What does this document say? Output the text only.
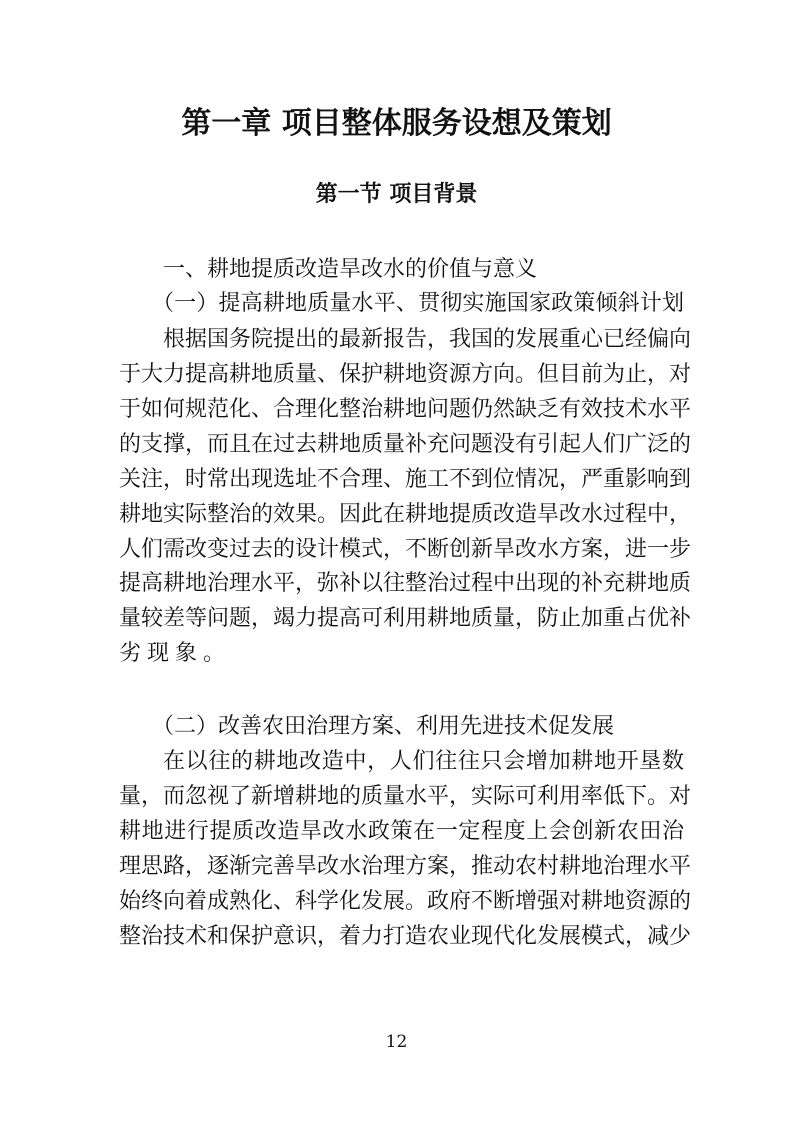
第一章 项目整体服务设想及策划
第一节 项目背景
一、耕地提质改造旱改水的价值与意义
（一）提高耕地质量水平、贯彻实施国家政策倾斜计划
根据国务院提出的最新报告，我国的发展重心已经偏向
于大力提高耕地质量、保护耕地资源方向。但目前为止，对
于如何规范化、合理化整治耕地问题仍然缺乏有效技术水平
的支撑，而且在过去耕地质量补充问题没有引起人们广泛的
关注，时常出现选址不合理、施工不到位情况，严重影响到
耕地实际整治的效果。因此在耕地提质改造旱改水过程中，
人们需改变过去的设计模式，不断创新旱改水方案，进一步
提高耕地治理水平，弥补以往整治过程中出现的补充耕地质
量较差等问题，竭力提高可利用耕地质量，防止加重占优补
劣现象。
（二）改善农田治理方案、利用先进技术促发展
在以往的耕地改造中，人们往往只会增加耕地开垦数
量，而忽视了新增耕地的质量水平，实际可利用率低下。对
耕地进行提质改造旱改水政策在一定程度上会创新农田治
理思路，逐渐完善旱改水治理方案，推动农村耕地治理水平
始终向着成熟化、科学化发展。政府不断增强对耕地资源的
整治技术和保护意识，着力打造农业现代化发展模式，减少
12
